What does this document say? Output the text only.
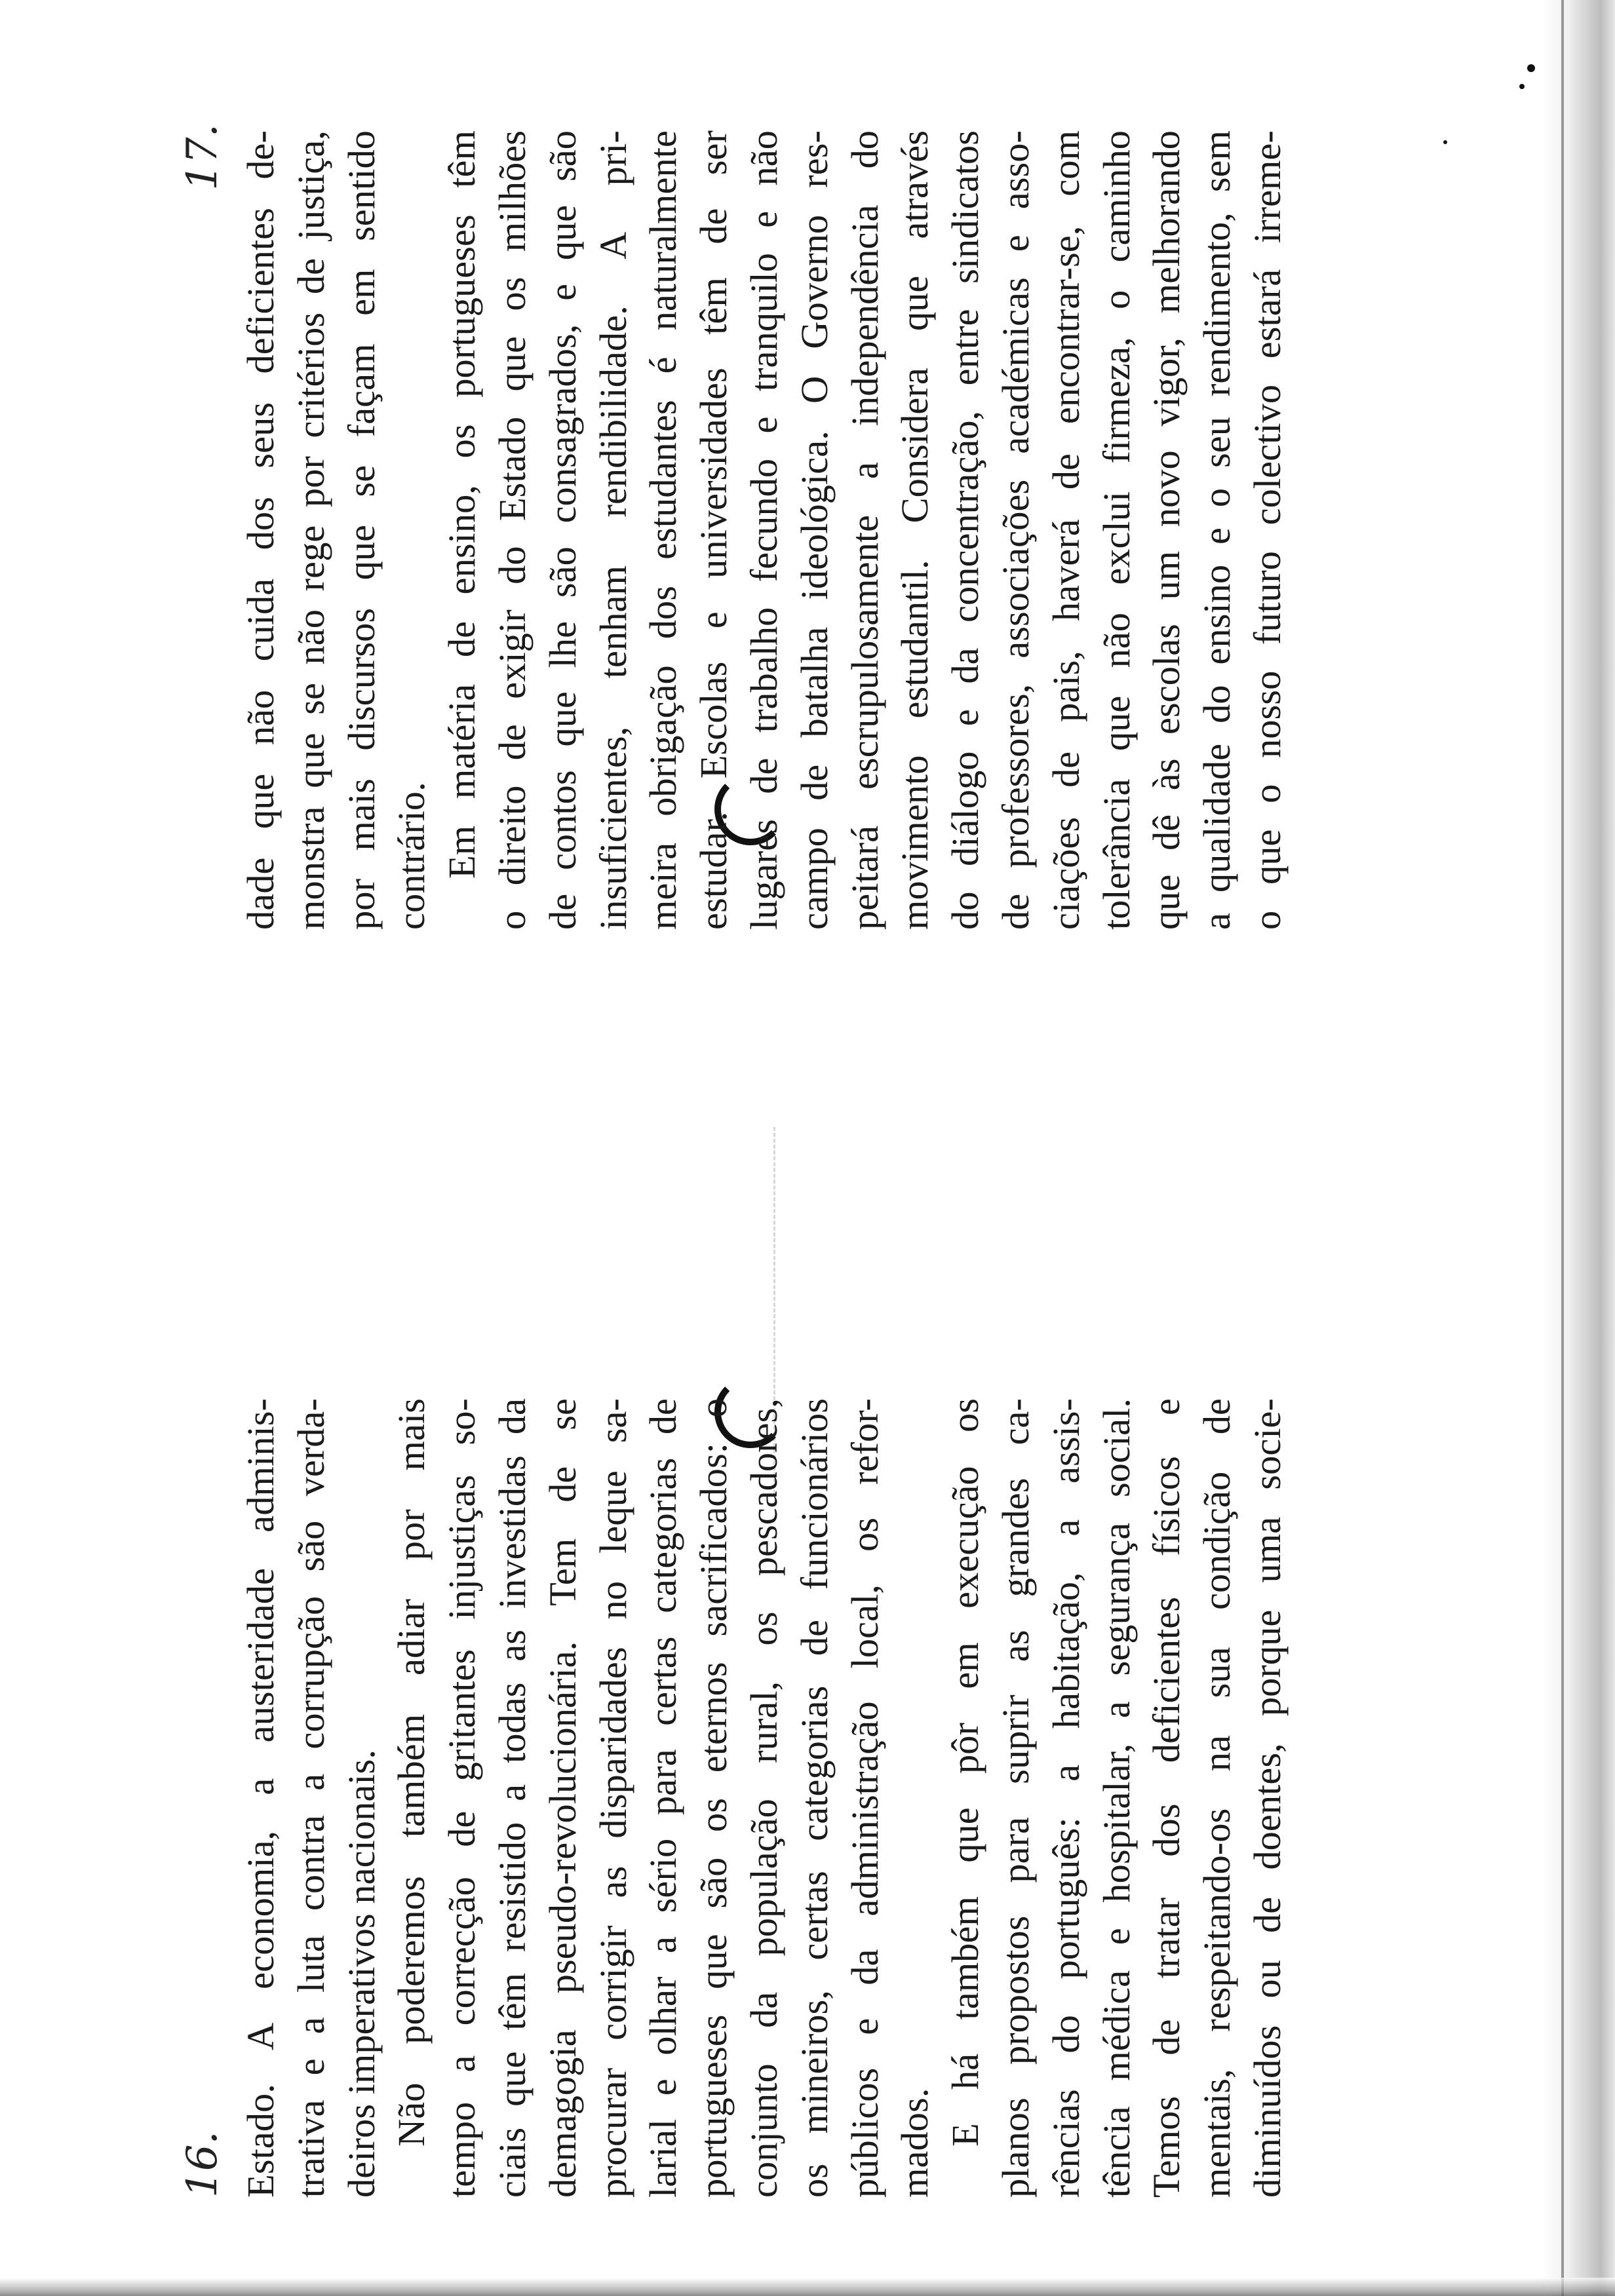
16. Estado. A economia, a austeridade adminis- trativa e a luta contra a corrupção são verda- deiros imperativos nacionais. Não poderemos também adiar por mais tempo a correcção de gritantes injustiças so- ciais que têm resistido a todas as investidas da demagogia pseudo-revolucionária. Tem de se procurar corrigir as disparidades no leque sa- larial e olhar a sério para certas categorias de portugueses que são os eternos sacrificados: o conjunto da população rural, os pescadores, os mineiros, certas categorias de funcionários públicos e da administração local, os refor- mados. E há também que pôr em execução os planos propostos para suprir as grandes ca- rências do português: a habitação, a assis- tência médica e hospitalar, a segurança social. Temos de tratar dos deficientes físicos e mentais, respeitando-os na sua condição de diminuídos ou de doentes, porque uma socie-
17. dade que não cuida dos seus deficientes de- monstra que se não rege por critérios de justiça, por mais discursos que se façam em sentido contrário. Em matéria de ensino, os portugueses têm o direito de exigir do Estado que os milhões de contos que lhe são consagrados, e que são insuficientes, tenham rendibilidade. A pri- meira obrigação dos estudantes é naturalmente estudar. Escolas e universidades têm de ser lugares de trabalho fecundo e tranquilo e não campo de batalha ideológica. O Governo res- peitará escrupulosamente a independência do movimento estudantil. Considera que através do diálogo e da concentração, entre sindicatos de professores, associações académicas e asso- ciações de pais, haverá de encontrar-se, com tolerância que não exclui firmeza, o caminho que dê às escolas um novo vigor, melhorando a qualidade do ensino e o seu rendimento, sem o que o nosso futuro colectivo estará irreme-
